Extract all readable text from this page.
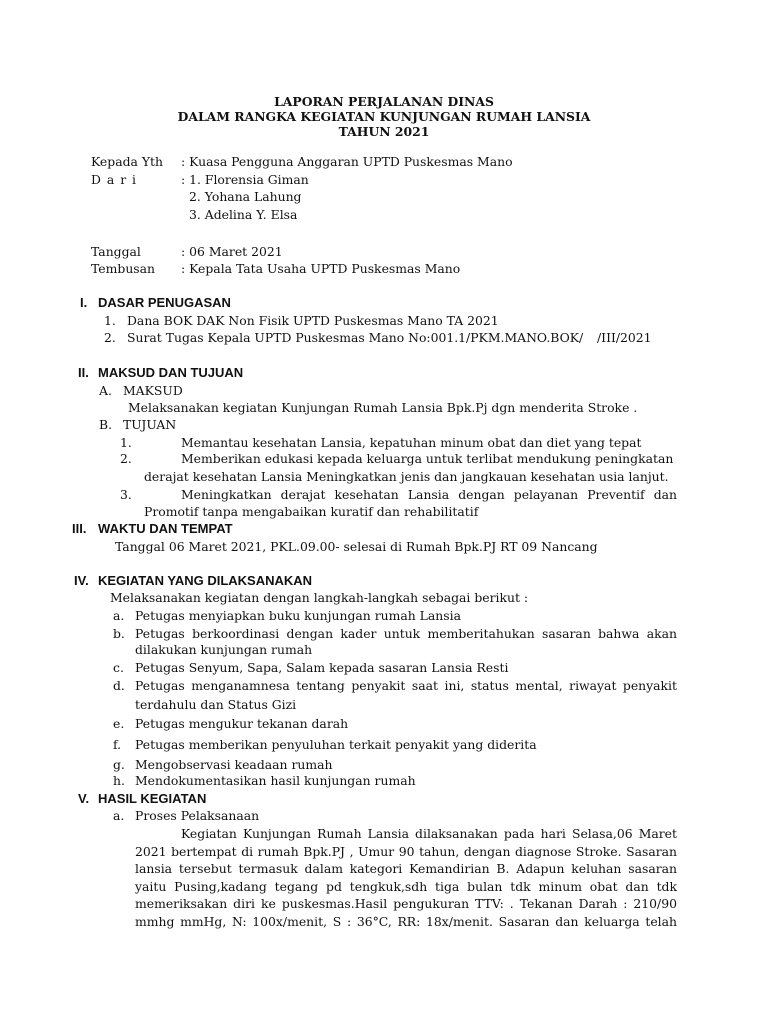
LAPORAN PERJALANAN DINAS
DALAM RANGKA KEGIATAN KUNJUNGAN RUMAH LANSIA
TAHUN 2021
Kepada Yth : Kuasa Pengguna Anggaran UPTD Puskesmas Mano
D a r i	: 1. Florensia Giman
2. Yohana Lahung
3. Adelina Y. Elsa
Tanggal	: 06 Maret 2021
Tembusan : Kepala Tata Usaha UPTD Puskesmas Mano
I. DASAR PENUGASAN
1. Dana BOK DAK Non Fisik UPTD Puskesmas Mano TA 2021
2. Surat Tugas Kepala UPTD Puskesmas Mano No:001.1/PKM.MANO.BOK/ /III/2021
II. MAKSUD DAN TUJUAN
A. MAKSUD
Melaksanakan kegiatan Kunjungan Rumah Lansia Bpk.Pj dgn menderita Stroke .
B. TUJUAN
1.	Memantau kesehatan Lansia, kepatuhan minum obat dan diet yang tepat
2.	Memberikan edukasi kepada keluarga untuk terlibat mendukung peningkatan
derajat kesehatan Lansia Meningkatkan jenis dan jangkauan kesehatan usia lanjut.
3.	Meningkatkan derajat kesehatan Lansia dengan pelayanan Preventif dan
Promotif tanpa mengabaikan kuratif dan rehabilitatif
III. WAKTU DAN TEMPAT
Tanggal 06 Maret 2021, PKL.09.00- selesai di Rumah Bpk.PJ RT 09 Nancang
IV. KEGIATAN YANG DILAKSANAKAN
Melaksanakan kegiatan dengan langkah-langkah sebagai berikut :
a. Petugas menyiapkan buku kunjungan rumah Lansia
b. Petugas berkoordinasi dengan kader untuk memberitahukan sasaran bahwa akan
dilakukan kunjungan rumah
c. Petugas Senyum, Sapa, Salam kepada sasaran Lansia Resti
d. Petugas menganamnesa tentang penyakit saat ini, status mental, riwayat penyakit
terdahulu dan Status Gizi
e. Petugas mengukur tekanan darah
f. Petugas memberikan penyuluhan terkait penyakit yang diderita
g. Mengobservasi keadaan rumah
h. Mendokumentasikan hasil kunjungan rumah
V. HASIL KEGIATAN
a. Proses Pelaksanaan
Kegiatan Kunjungan Rumah Lansia dilaksanakan pada hari Selasa,06 Maret
2021 bertempat di rumah Bpk.PJ , Umur 90 tahun, dengan diagnose Stroke. Sasaran
lansia tersebut termasuk dalam kategori Kemandirian B. Adapun keluhan sasaran
yaitu Pusing,kadang tegang pd tengkuk,sdh tiga bulan tdk minum obat dan tdk
memeriksakan diri ke puskesmas.Hasil pengukuran TTV: . Tekanan Darah : 210/90
mmhg mmHg, N: 100x/menit, S : 36°C, RR: 18x/menit. Sasaran dan keluarga telah
